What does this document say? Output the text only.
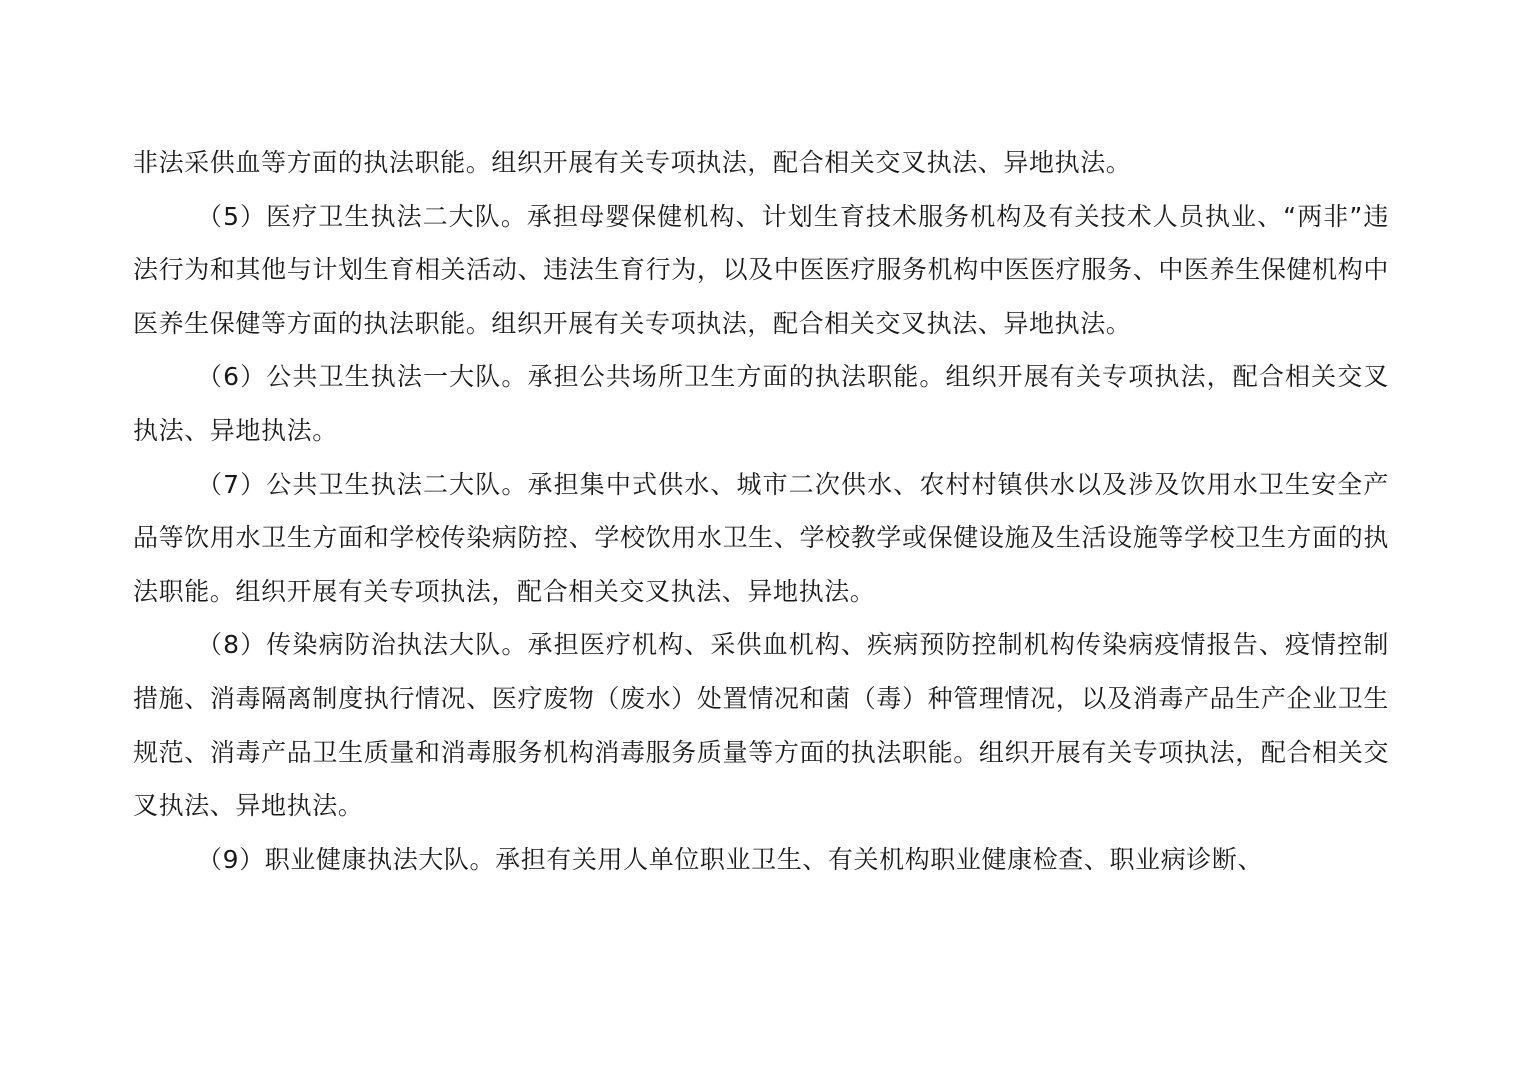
非法采供血等方面的执法职能。组织开展有关专项执法，配合相关交叉执法、异地执法。

（5）医疗卫生执法二大队。承担母婴保健机构、计划生育技术服务机构及有关技术人员执业、“两非”违法行为和其他与计划生育相关活动、违法生育行为，以及中医医疗服务机构中医医疗服务、中医养生保健机构中医养生保健等方面的执法职能。组织开展有关专项执法，配合相关交叉执法、异地执法。

（6）公共卫生执法一大队。承担公共场所卫生方面的执法职能。组织开展有关专项执法，配合相关交叉执法、异地执法。

（7）公共卫生执法二大队。承担集中式供水、城市二次供水、农村村镇供水以及涉及饮用水卫生安全产品等饮用水卫生方面和学校传染病防控、学校饮用水卫生、学校教学或保健设施及生活设施等学校卫生方面的执法职能。组织开展有关专项执法，配合相关交叉执法、异地执法。

（8）传染病防治执法大队。承担医疗机构、采供血机构、疾病预防控制机构传染病疫情报告、疫情控制措施、消毒隔离制度执行情况、医疗废物（废水）处置情况和菌（毒）种管理情况，以及消毒产品生产企业卫生规范、消毒产品卫生质量和消毒服务机构消毒服务质量等方面的执法职能。组织开展有关专项执法，配合相关交叉执法、异地执法。

（9）职业健康执法大队。承担有关用人单位职业卫生、有关机构职业健康检查、职业病诊断、
